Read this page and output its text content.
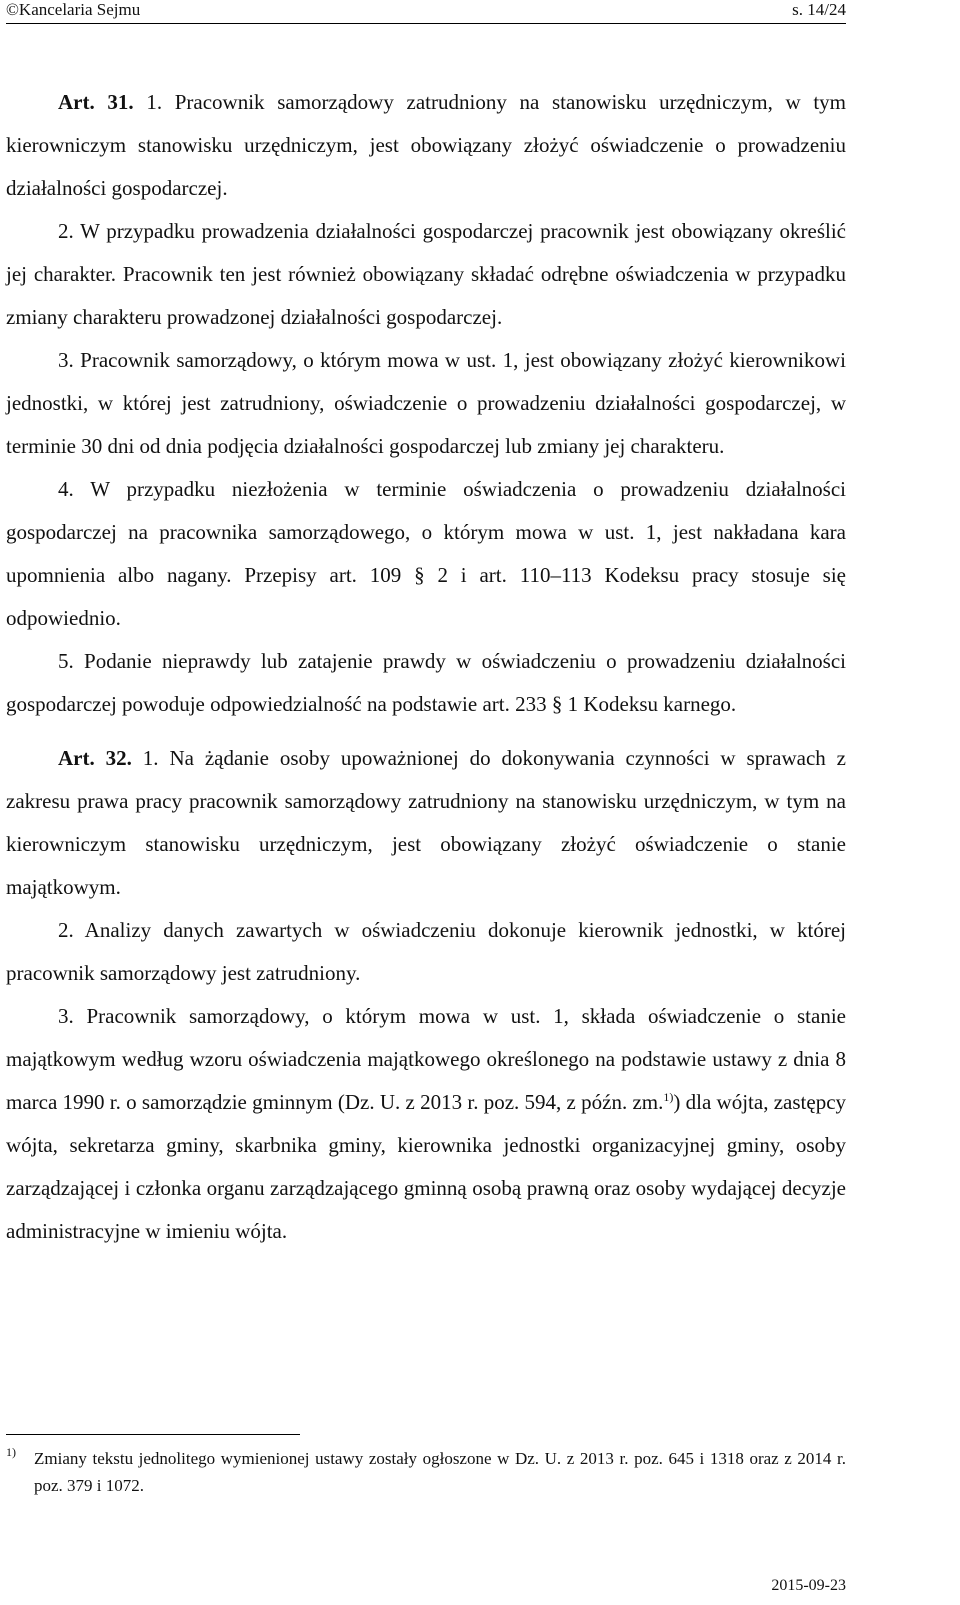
©Kancelaria Sejmu	s. 14/24

Art. 31. 1. Pracownik samorządowy zatrudniony na stanowisku urzędniczym, w tym kierowniczym stanowisku urzędniczym, jest obowiązany złożyć oświadczenie o prowadzeniu działalności gospodarczej.

2. W przypadku prowadzenia działalności gospodarczej pracownik jest obowiązany określić jej charakter. Pracownik ten jest również obowiązany składać odrębne oświadczenia w przypadku zmiany charakteru prowadzonej działalności gospodarczej.

3. Pracownik samorządowy, o którym mowa w ust. 1, jest obowiązany złożyć kierownikowi jednostki, w której jest zatrudniony, oświadczenie o prowadzeniu działalności gospodarczej, w terminie 30 dni od dnia podjęcia działalności gospodarczej lub zmiany jej charakteru.

4. W przypadku niezłożenia w terminie oświadczenia o prowadzeniu działalności gospodarczej na pracownika samorządowego, o którym mowa w ust. 1, jest nakładana kara upomnienia albo nagany. Przepisy art. 109 § 2 i art. 110–113 Kodeksu pracy stosuje się odpowiednio.

5. Podanie nieprawdy lub zatajenie prawdy w oświadczeniu o prowadzeniu działalności gospodarczej powoduje odpowiedzialność na podstawie art. 233 § 1 Kodeksu karnego.

Art. 32. 1. Na żądanie osoby upoważnionej do dokonywania czynności w sprawach z zakresu prawa pracy pracownik samorządowy zatrudniony na stanowisku urzędniczym, w tym na kierowniczym stanowisku urzędniczym, jest obowiązany złożyć oświadczenie o stanie majątkowym.

2. Analizy danych zawartych w oświadczeniu dokonuje kierownik jednostki, w której pracownik samorządowy jest zatrudniony.

3. Pracownik samorządowy, o którym mowa w ust. 1, składa oświadczenie o stanie majątkowym według wzoru oświadczenia majątkowego określonego na podstawie ustawy z dnia 8 marca 1990 r. o samorządzie gminnym (Dz. U. z 2013 r. poz. 594, z późn. zm.$^{1)}$) dla wójta, zastępcy wójta, sekretarza gminy, skarbnika gminy, kierownika jednostki organizacyjnej gminy, osoby zarządzającej i członka organu zarządzającego gminną osobą prawną oraz osoby wydającej decyzje administracyjne w imieniu wójta.

1) Zmiany tekstu jednolitego wymienionej ustawy zostały ogłoszone w Dz. U. z 2013 r. poz. 645 i 1318 oraz z 2014 r. poz. 379 i 1072.
2015-09-23
